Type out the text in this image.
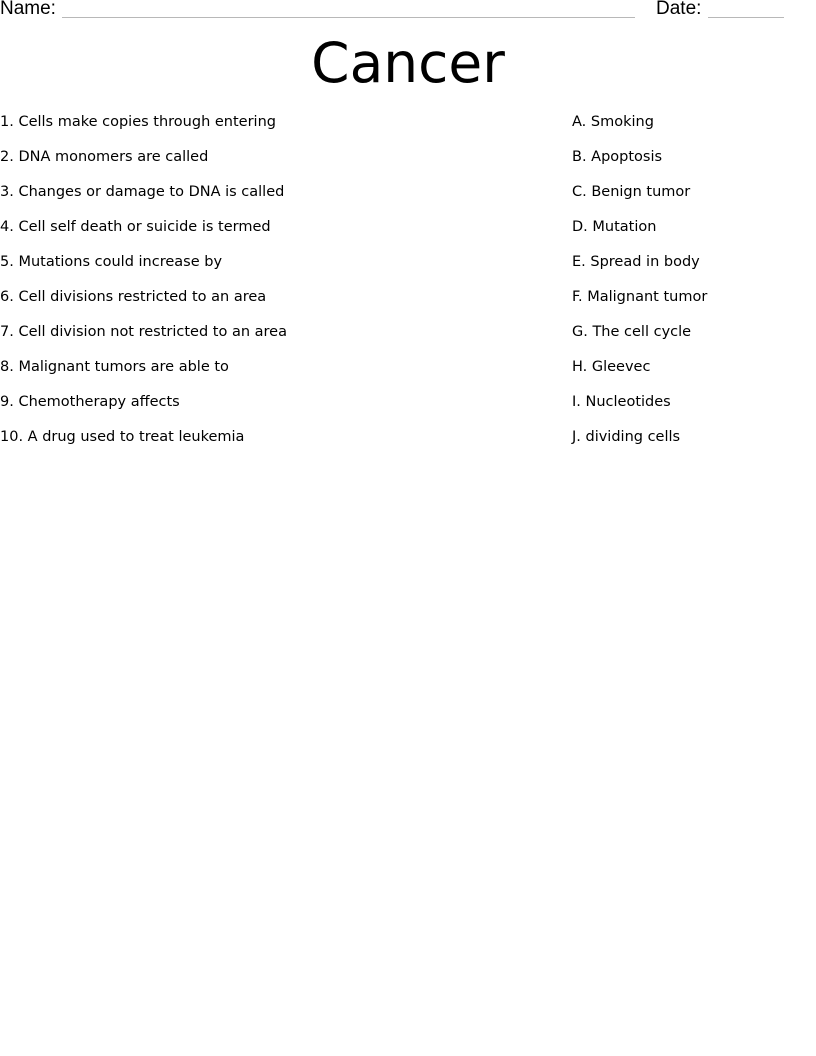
Name:	Date:
Cancer
1. Cells make copies through entering
2. DNA monomers are called
3. Changes or damage to DNA is called
4. Cell self death or suicide is termed
5. Mutations could increase by
6. Cell divisions restricted to an area
7. Cell division not restricted to an area
8. Malignant tumors are able to
9. Chemotherapy affects
10. A drug used to treat leukemia
A. Smoking
B. Apoptosis
C. Benign tumor
D. Mutation
E. Spread in body
F. Malignant tumor
G. The cell cycle
H. Gleevec
I. Nucleotides
J. dividing cells
